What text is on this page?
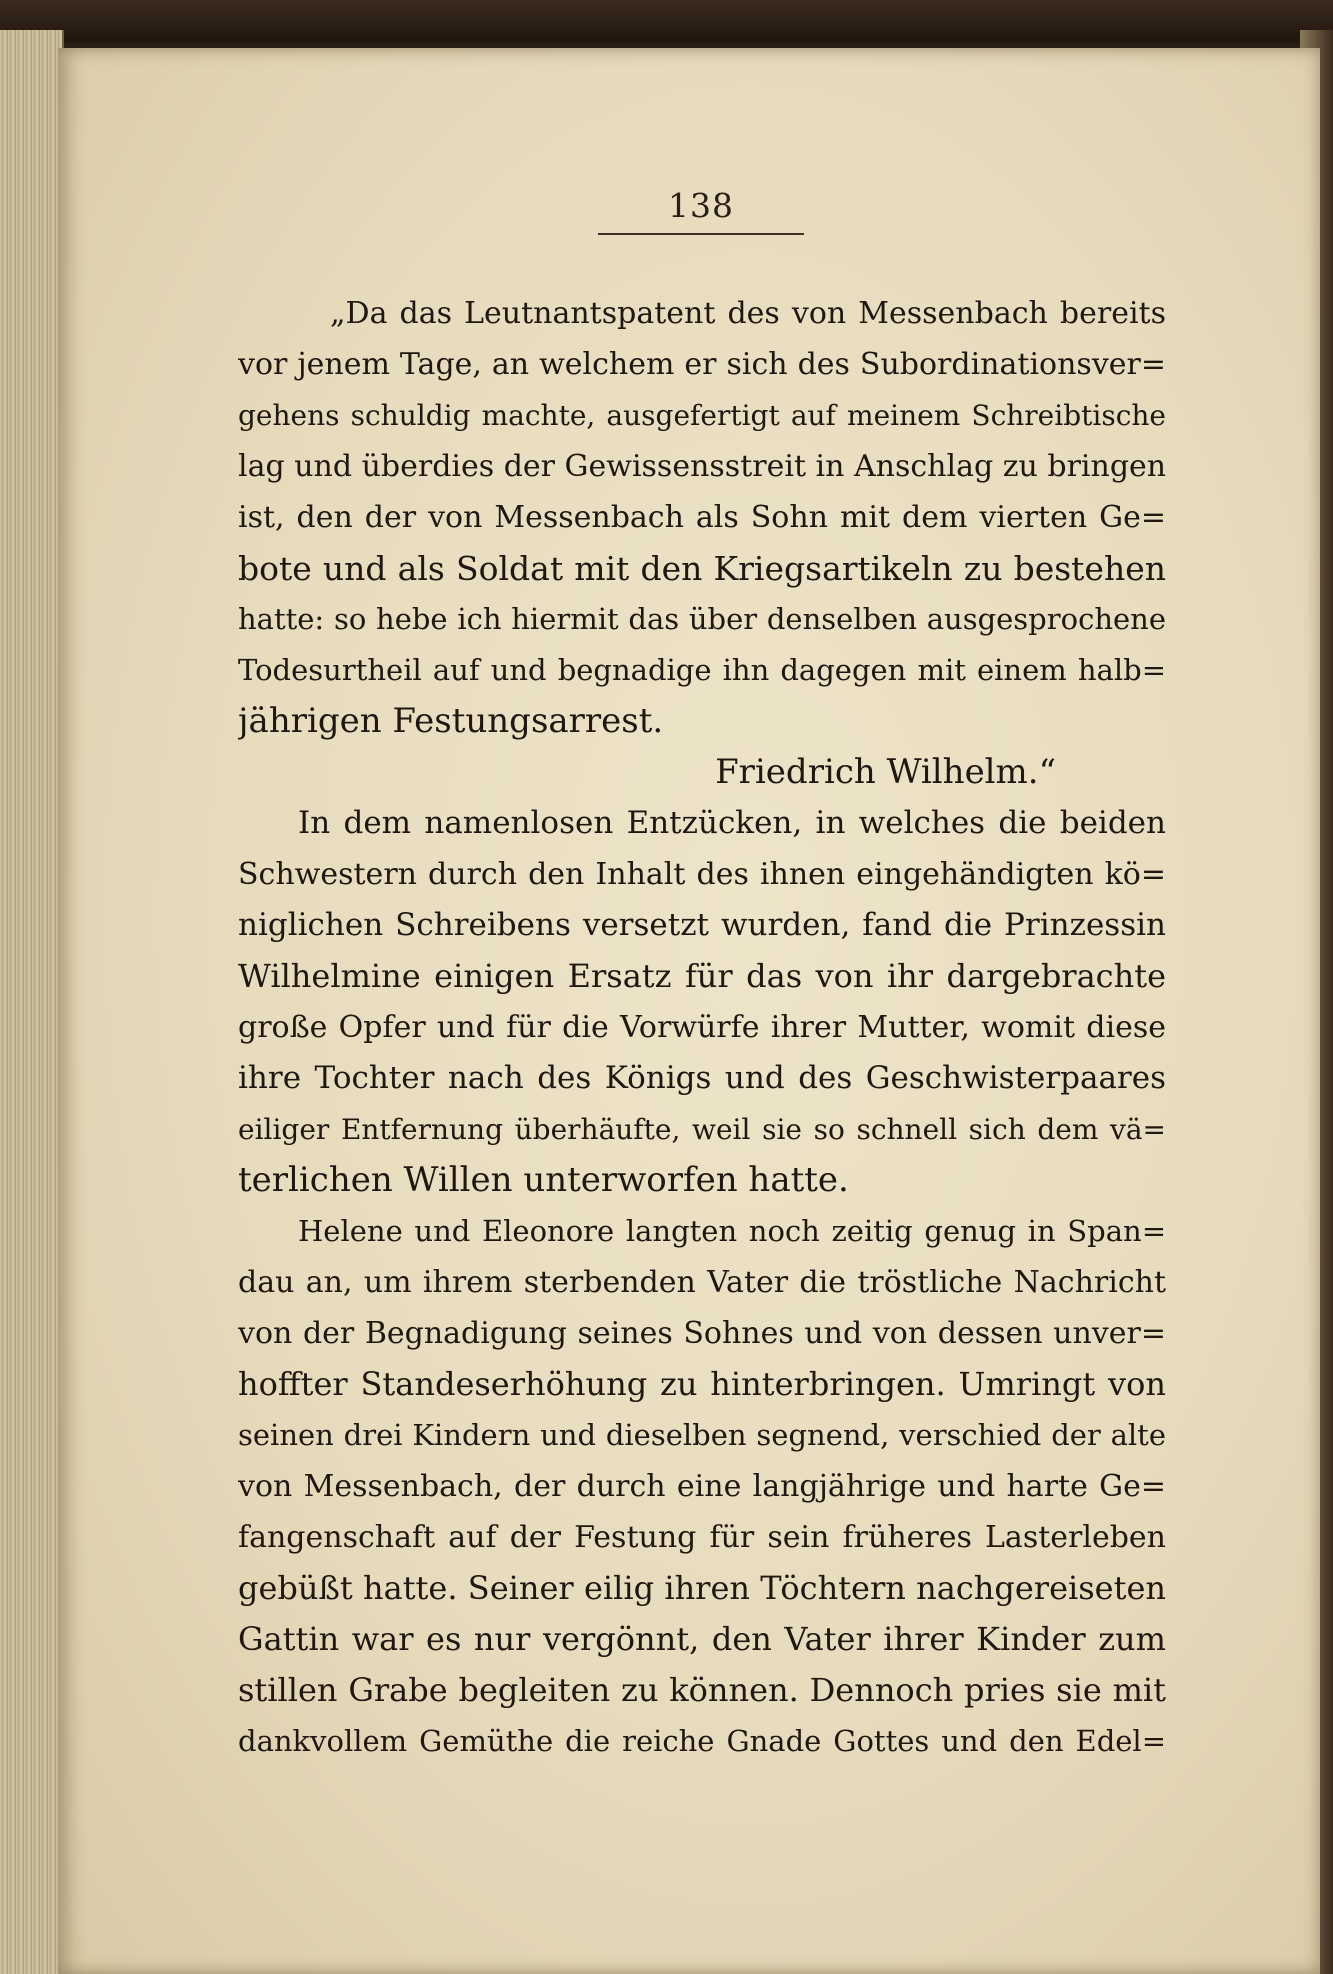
138
„Da das Leutnantspatent des von Messenbach bereits
vor jenem Tage, an welchem er sich des Subordinationsver=
gehens schuldig machte, ausgefertigt auf meinem Schreibtische
lag und überdies der Gewissensstreit in Anschlag zu bringen
ist, den der von Messenbach als Sohn mit dem vierten Ge=
bote und als Soldat mit den Kriegsartikeln zu bestehen
hatte: so hebe ich hiermit das über denselben ausgesprochene
Todesurtheil auf und begnadige ihn dagegen mit einem halb=
jährigen Festungsarrest.
Friedrich Wilhelm.“
In dem namenlosen Entzücken, in welches die beiden
Schwestern durch den Inhalt des ihnen eingehändigten kö=
niglichen Schreibens versetzt wurden, fand die Prinzessin
Wilhelmine einigen Ersatz für das von ihr dargebrachte
große Opfer und für die Vorwürfe ihrer Mutter, womit diese
ihre Tochter nach des Königs und des Geschwisterpaares
eiliger Entfernung überhäufte, weil sie so schnell sich dem vä=
terlichen Willen unterworfen hatte.
Helene und Eleonore langten noch zeitig genug in Span=
dau an, um ihrem sterbenden Vater die tröstliche Nachricht
von der Begnadigung seines Sohnes und von dessen unver=
hoffter Standeserhöhung zu hinterbringen. Umringt von
seinen drei Kindern und dieselben segnend, verschied der alte
von Messenbach, der durch eine langjährige und harte Ge=
fangenschaft auf der Festung für sein früheres Lasterleben
gebüßt hatte. Seiner eilig ihren Töchtern nachgereiseten
Gattin war es nur vergönnt, den Vater ihrer Kinder zum
stillen Grabe begleiten zu können. Dennoch pries sie mit
dankvollem Gemüthe die reiche Gnade Gottes und den Edel=
